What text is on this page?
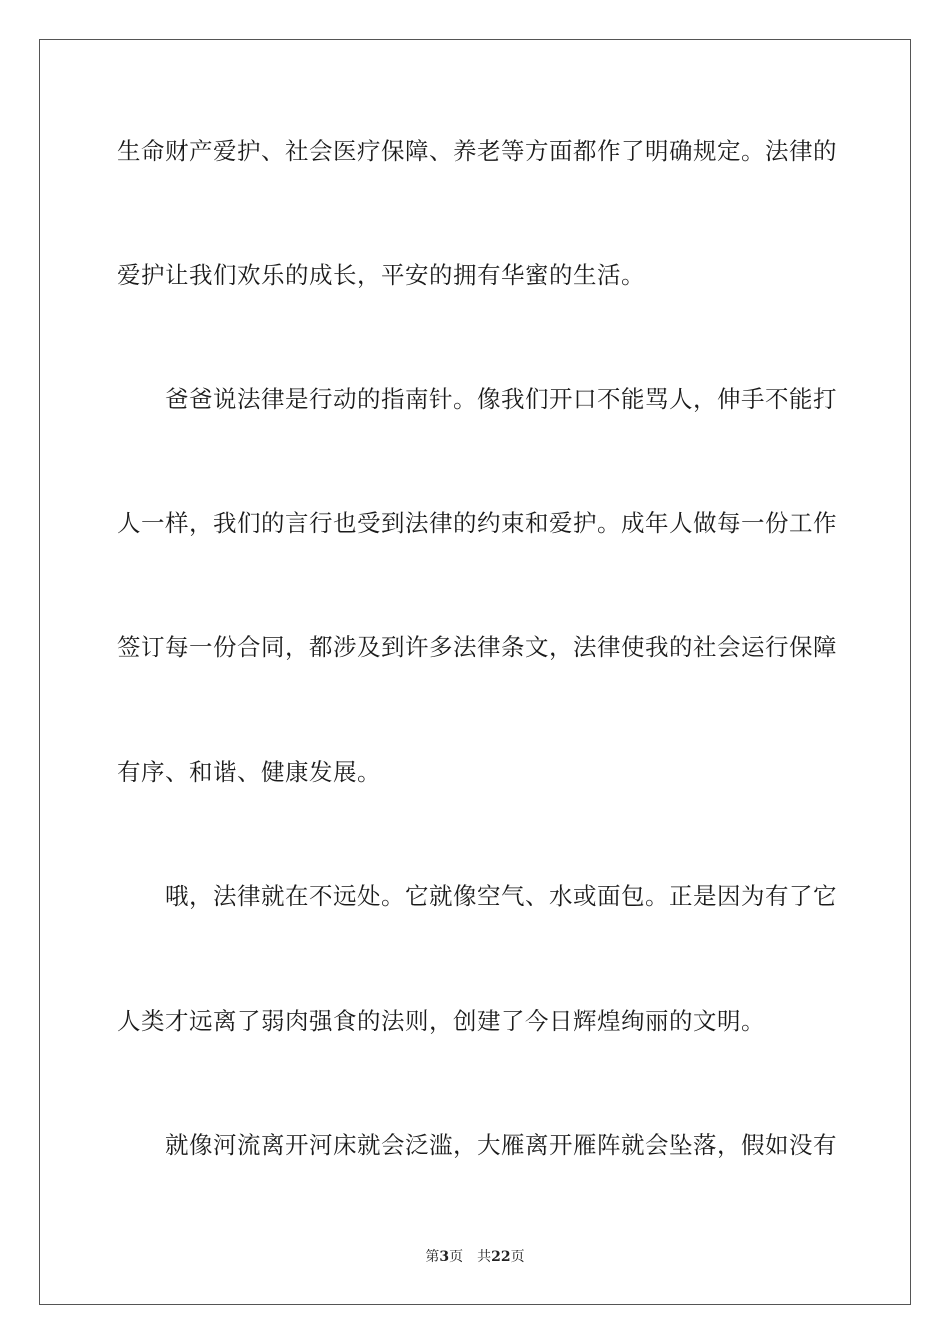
生命财产爱护、社会医疗保障、养老等方面都作了明确规定。法律的
爱护让我们欢乐的成长，平安的拥有华蜜的生活。
爸爸说法律是行动的指南针。像我们开口不能骂人，伸手不能打
人一样，我们的言行也受到法律的约束和爱护。成年人做每一份工作
签订每一份合同，都涉及到许多法律条文，法律使我的社会运行保障
有序、和谐、健康发展。
哦，法律就在不远处。它就像空气、水或面包。正是因为有了它
人类才远离了弱肉强食的法则，创建了今日辉煌绚丽的文明。
就像河流离开河床就会泛滥，大雁离开雁阵就会坠落，假如没有
第3页 共22页
